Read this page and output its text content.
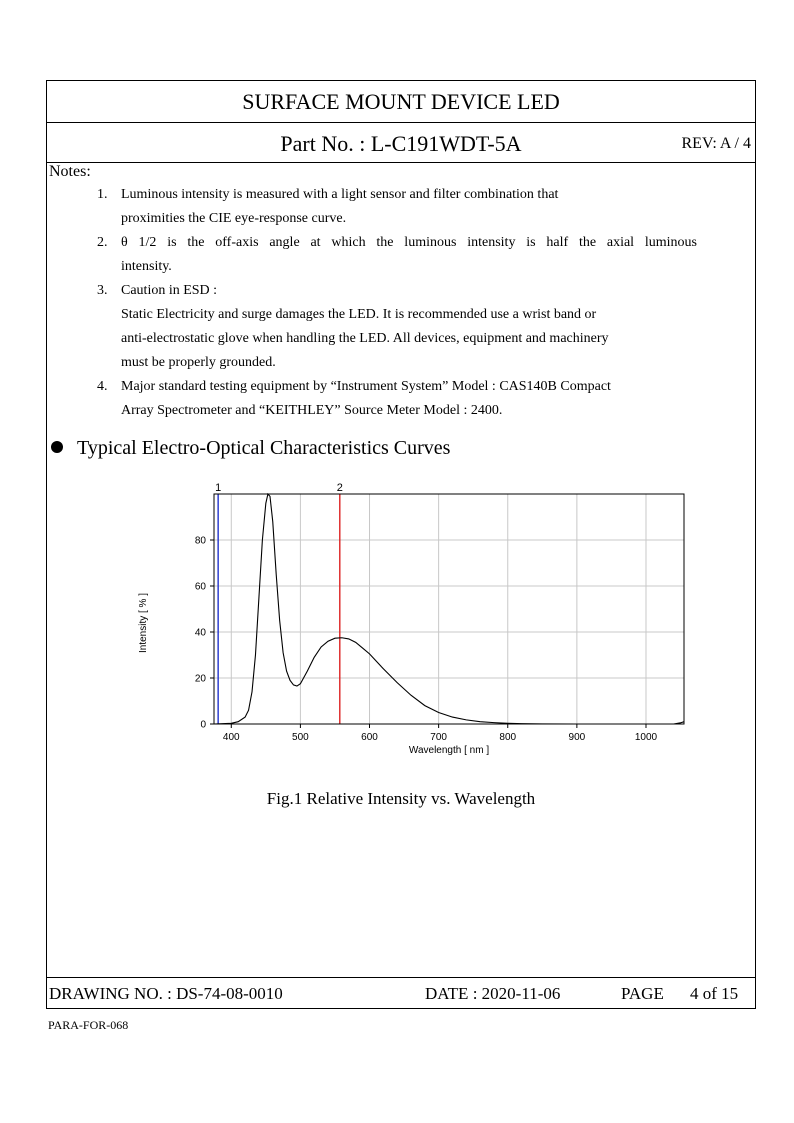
SURFACE MOUNT DEVICE LED
Part No. : L-C191WDT-5A	REV: A / 4
Notes:
1. Luminous intensity is measured with a light sensor and filter combination that
proximities the CIE eye-response curve.
2. θ 1/2 is the off-axis angle at which the luminous intensity is half the axial luminous
intensity.
3. Caution in ESD :
Static Electricity and surge damages the LED. It is recommended use a wrist band or
anti-electrostatic glove when handling the LED. All devices, equipment and machinery
must be properly grounded.
4. Major standard testing equipment by “Instrument System” Model : CAS140B Compact
Array Spectrometer and “KEITHLEY” Source Meter Model : 2400.
Typical Electro-Optical Characteristics Curves
1	2
400	500	600	700	800	900	1000
0
20
40
60
80
Wavelength [ nm ]
Intensity [ % ]
Fig.1 Relative Intensity vs. Wavelength
DRAWING NO. : DS-74-08-0010	DATE : 2020-11-06	PAGE 4 of 15
PARA-FOR-068
